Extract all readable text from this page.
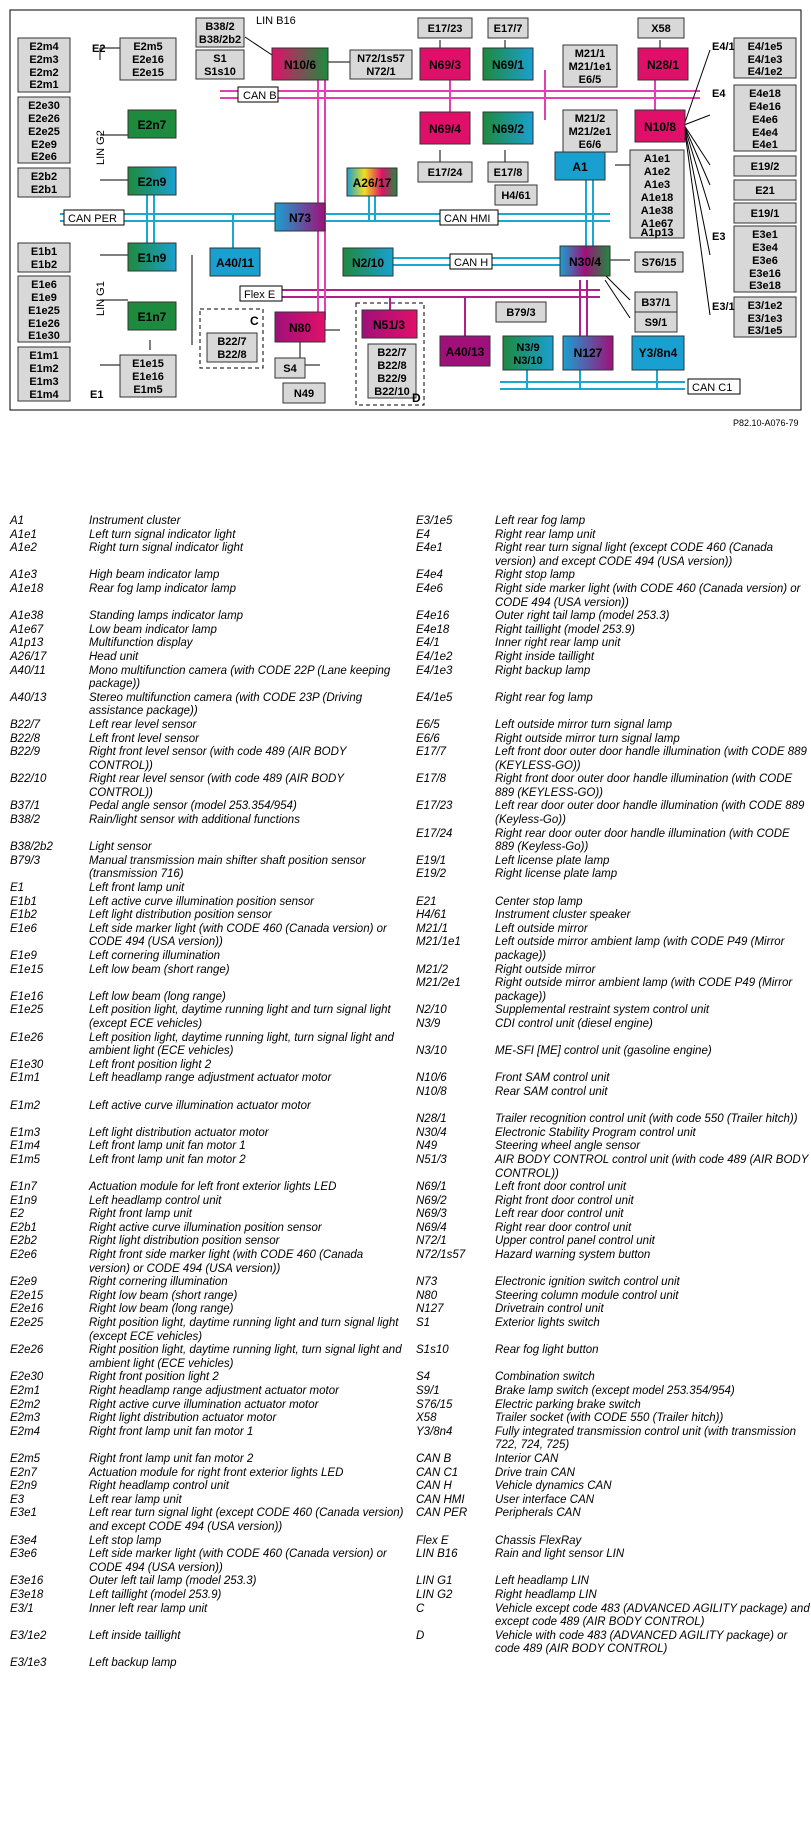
N10/6	N69/3	N69/1	N28/1
N69/4	N69/2	N10/8
A1
E2n7
E2n9	A26/17
N73
E1n9	A40/11	N2/10	N30/4
E1n7
N80	N51/3
A40/13	N3/9
N3/10
N127	Y3/8n4
B38/2
B38/2b2
S1
S1s10
N72/1s57
N72/1
E17/23	E17/7	X58
M21/1
M21/1e1
E6/5
M21/2
M21/2e1
E6/6
E17/24	E17/8
H4/61
A1e1
A1e2
A1e3
A1e18
A1e38
A1e67
A1p13
E4/1e5
E4/1e3
E4/1e2
E4e18
E4e16
E4e6
E4e4
E4e1
E19/2
E21
E19/1
E3e1
E3e4
E3e6
E3e16
E3e18
E3/1e2
E3/1e3
E3/1e5
S76/15
B37/1
S9/1
B79/3
E2m4
E2m3
E2m2
E2m1
E2m5
E2e16
E2e15
E2e30
E2e26
E2e25
E2e9
E2e6
E2b2
E2b1
E1b1
E1b2
E1e6
E1e9
E1e25
E1e26
E1e30
E1m1
E1m2
E1m3
E1m4
E1e15
E1e16
E1m5
B22/7
B22/8	B22/7
B22/8
B22/9
B22/10
S4
N49
E2
E1
E4/1
E4
E3
E3/1
C
D
LIN B16
CAN B
CAN PER	CAN HMI
CAN H
Flex E
CAN C1
LIN G2
LIN G1
P82.10-A076-79
A1	Instrument cluster
A1e1	Left turn signal indicator light
A1e2	Right turn signal indicator light

A1e3	High beam indicator lamp
A1e18	Rear fog lamp indicator lamp

A1e38	Standing lamps indicator lamp
A1e67	Low beam indicator lamp
A1p13	Multifunction display
A26/17	Head unit
A40/11	Mono multifunction camera (with CODE 22P (Lane keeping package))
A40/13	Stereo multifunction camera (with CODE 23P (Driving assistance package))
B22/7	Left rear level sensor
B22/8	Left front level sensor
B22/9	Right front level sensor (with code 489 (AIR BODY CONTROL))
B22/10	Right rear level sensor (with code 489 (AIR BODY CONTROL))
B37/1	Pedal angle sensor (model 253.354/954)
B38/2	Rain/light sensor with additional functions

B38/2b2	Light sensor
B79/3	Manual transmission main shifter shaft position sensor (transmission 716)
E1	Left front lamp unit
E1b1	Left active curve illumination position sensor
E1b2	Left light distribution position sensor
E1e6	Left side marker light (with CODE 460 (Canada version) or CODE 494 (USA version))
E1e9	Left cornering illumination
E1e15	Left low beam (short range)

E1e16	Left low beam (long range)
E1e25	Left position light, daytime running light and turn signal light (except ECE vehicles)
E1e26	Left position light, daytime running light, turn signal light and ambient light (ECE vehicles)
E1e30	Left front position light 2
E1m1	Left headlamp range adjustment actuator motor

E1m2	Left active curve illumination actuator motor

E1m3	Left light distribution actuator motor
E1m4	Left front lamp unit fan motor 1
E1m5	Left front lamp unit fan motor 2

E1n7	Actuation module for left front exterior lights LED
E1n9	Left headlamp control unit
E2	Right front lamp unit
E2b1	Right active curve illumination position sensor
E2b2	Right light distribution position sensor
E2e6	Right front side marker light (with CODE 460 (Canada version) or CODE 494 (USA version))
E2e9	Right cornering illumination
E2e15	Right low beam (short range)
E2e16	Right low beam (long range)
E2e25	Right position light, daytime running light and turn signal light (except ECE vehicles)
E2e26	Right position light, daytime running light, turn signal light and ambient light (ECE vehicles)
E2e30	Right front position light 2
E2m1	Right headlamp range adjustment actuator motor
E2m2	Right active curve illumination actuator motor
E2m3	Right light distribution actuator motor
E2m4	Right front lamp unit fan motor 1

E2m5	Right front lamp unit fan motor 2
E2n7	Actuation module for right front exterior lights LED
E2n9	Right headlamp control unit
E3	Left rear lamp unit
E3e1	Left rear turn signal light (except CODE 460 (Canada version) and except CODE 494 (USA version))
E3e4	Left stop lamp
E3e6	Left side marker light (with CODE 460 (Canada version) or CODE 494 (USA version))
E3e16	Outer left tail lamp (model 253.3)
E3e18	Left taillight (model 253.9)
E3/1	Inner left rear lamp unit

E3/1e2	Left inside taillight

E3/1e3	Left backup lamp
E3/1e5	Left rear fog lamp
E4	Right rear lamp unit
E4e1	Right rear turn signal light (except CODE 460 (Canada version) and except CODE 494 (USA version))
E4e4	Right stop lamp
E4e6	Right side marker light (with CODE 460 (Canada version) or CODE 494 (USA version))
E4e16	Outer right tail lamp (model 253.3)
E4e18	Right taillight (model 253.9)
E4/1	Inner right rear lamp unit
E4/1e2	Right inside taillight
E4/1e3	Right backup lamp

E4/1e5	Right rear fog lamp

E6/5	Left outside mirror turn signal lamp
E6/6	Right outside mirror turn signal lamp
E17/7	Left front door outer door handle illumination (with CODE 889 (KEYLESS-GO))
E17/8	Right front door outer door handle illumination (with CODE 889 (KEYLESS-GO))
E17/23	Left rear door outer door handle illumination (with CODE 889 (Keyless-Go))
E17/24	Right rear door outer door handle illumination (with CODE 889 (Keyless-Go))
E19/1	Left license plate lamp
E19/2	Right license plate lamp

E21	Center stop lamp
H4/61	Instrument cluster speaker
M21/1	Left outside mirror
M21/1e1	Left outside mirror ambient lamp (with CODE P49 (Mirror package))
M21/2	Right outside mirror
M21/2e1	Right outside mirror ambient lamp (with CODE P49 (Mirror package))
N2/10	Supplemental restraint system control unit
N3/9	CDI control unit (diesel engine)

N3/10	ME-SFI [ME] control unit (gasoline engine)

N10/6	Front SAM control unit
N10/8	Rear SAM control unit

N28/1	Trailer recognition control unit (with code 550 (Trailer hitch))
N30/4	Electronic Stability Program control unit
N49	Steering wheel angle sensor
N51/3	AIR BODY CONTROL control unit (with code 489 (AIR BODY CONTROL))
N69/1	Left front door control unit
N69/2	Right front door control unit
N69/3	Left rear door control unit
N69/4	Right rear door control unit
N72/1	Upper control panel control unit
N72/1s57	Hazard warning system button

N73	Electronic ignition switch control unit
N80	Steering column module control unit
N127	Drivetrain control unit
S1	Exterior lights switch

S1s10	Rear fog light button

S4	Combination switch
S9/1	Brake lamp switch (except model 253.354/954)
S76/15	Electric parking brake switch
X58	Trailer socket (with CODE 550 (Trailer hitch))
Y3/8n4	Fully integrated transmission control unit (with transmission 722, 724, 725)
CAN B	Interior CAN
CAN C1	Drive train CAN
CAN H	Vehicle dynamics CAN
CAN HMI	User interface CAN
CAN PER	Peripherals CAN

Flex E	Chassis FlexRay
LIN B16	Rain and light sensor LIN

LIN G1	Left headlamp LIN
LIN G2	Right headlamp LIN
C	Vehicle except code 483 (ADVANCED AGILITY package) and except code 489 (AIR BODY CONTROL)
D	Vehicle with code 483 (ADVANCED AGILITY package) or code 489 (AIR BODY CONTROL)
